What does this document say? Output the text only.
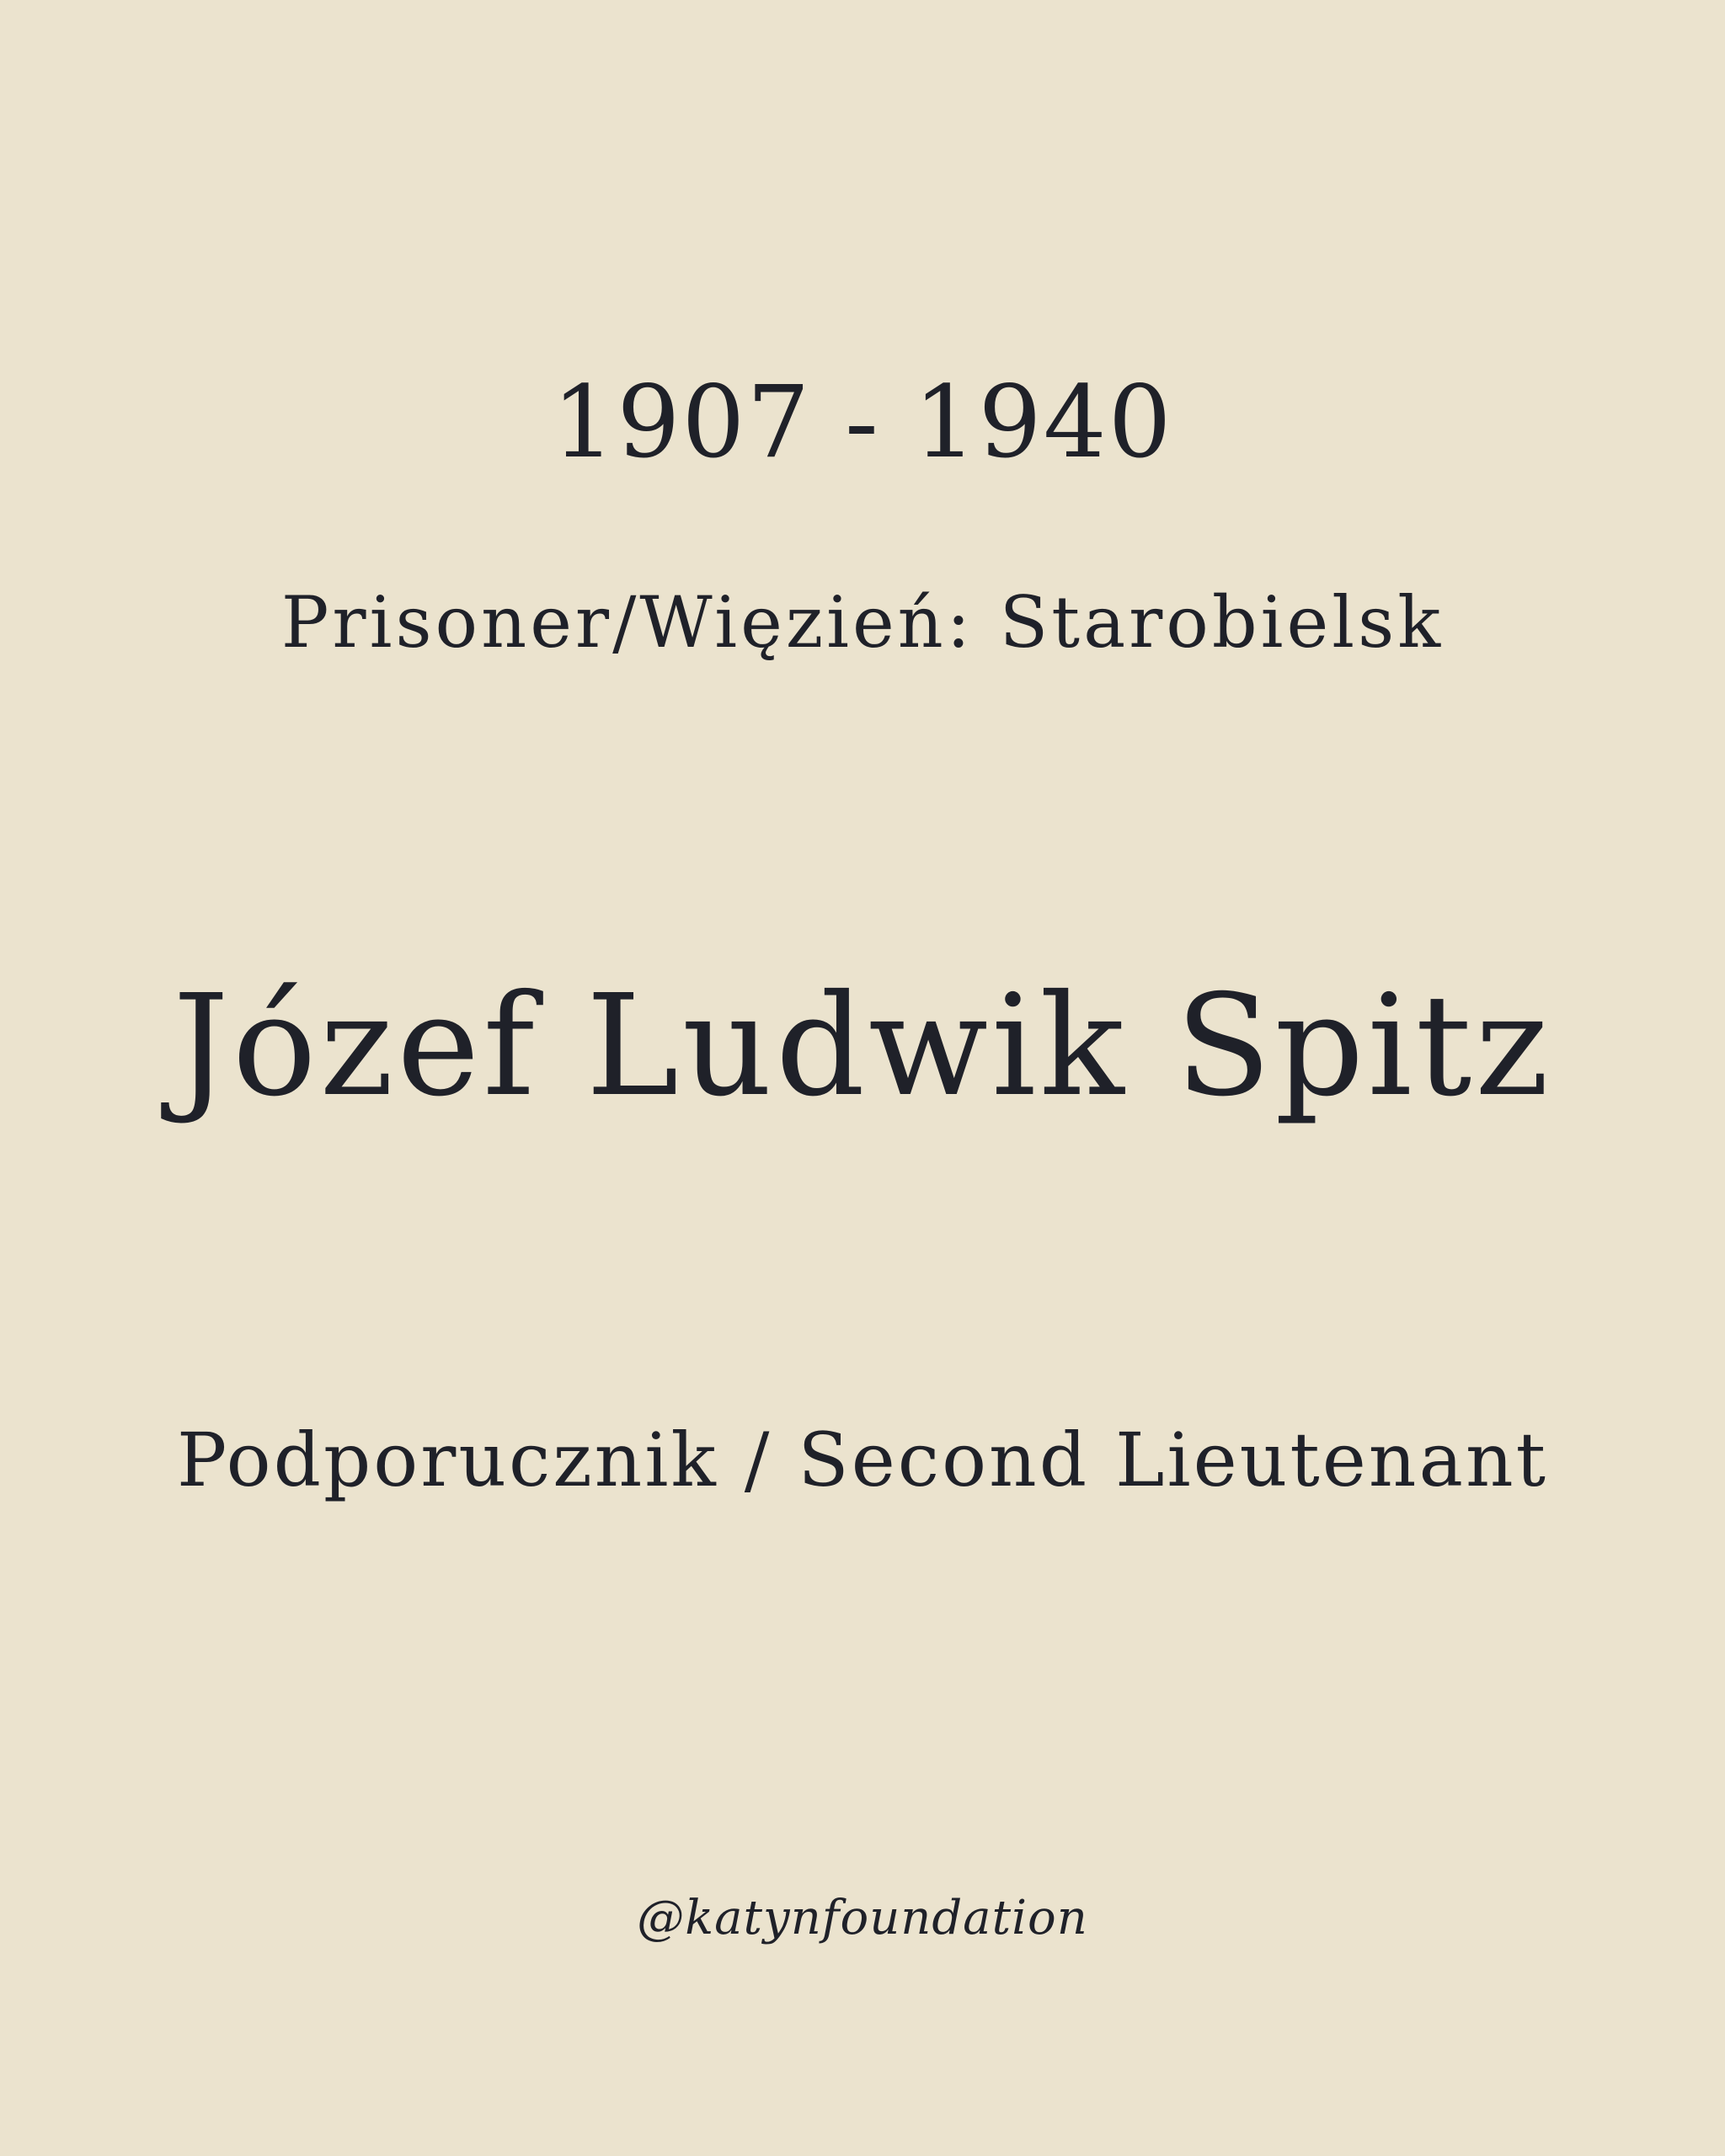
1907 - 1940
Prisoner/Więzień: Starobielsk
Józef Ludwik Spitz
Podporucznik / Second Lieutenant
@katynfoundation
